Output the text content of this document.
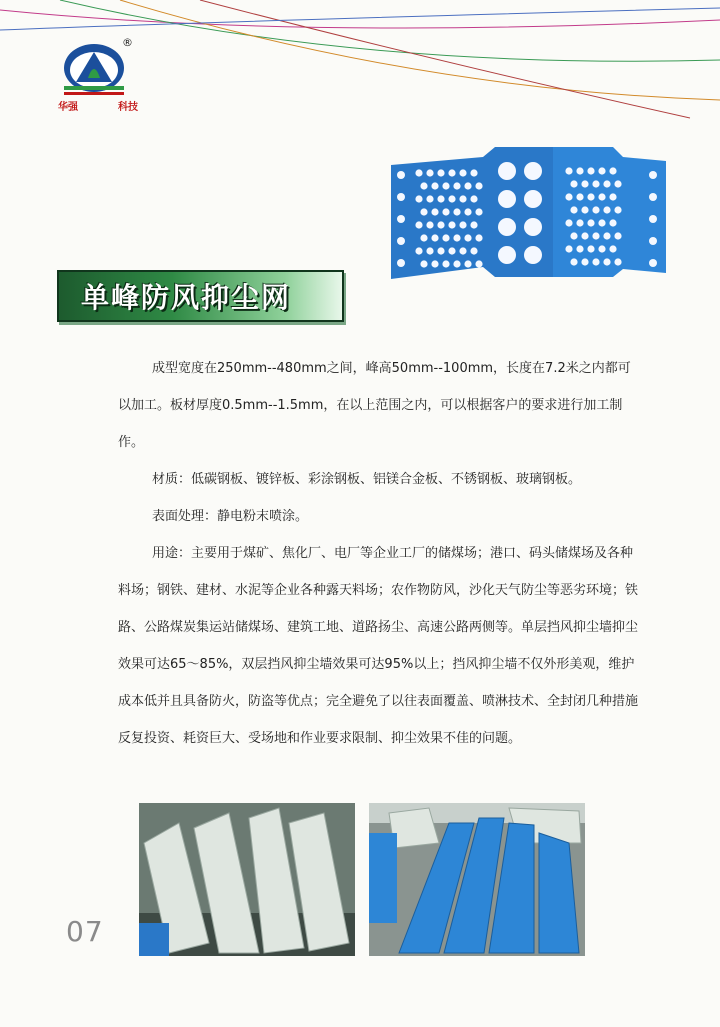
®
华强	科技
单峰防风抑尘网

成型宽度在250mm--480mm之间，峰高50mm--100mm，长度在7.2米之内都可以加工。板材厚度0.5mm--1.5mm，在以上范围之内，可以根据客户的要求进行加工制作。

材质：低碳钢板、镀锌板、彩涂钢板、铝镁合金板、不锈钢板、玻璃钢板。

表面处理：静电粉末喷涂。

用途：主要用于煤矿、焦化厂、电厂等企业工厂的储煤场；港口、码头储煤场及各种料场；钢铁、建材、水泥等企业各种露天料场；农作物防风，沙化天气防尘等恶劣环境；铁路、公路煤炭集运站储煤场、建筑工地、道路扬尘、高速公路两侧等。单层挡风抑尘墙抑尘效果可达65～85%，双层挡风抑尘墙效果可达95%以上；挡风抑尘墙不仅外形美观，维护成本低并且具备防火，防盗等优点；完全避免了以往表面覆盖、喷淋技术、全封闭几种措施反复投资、耗资巨大、受场地和作业要求限制、抑尘效果不佳的问题。

07
